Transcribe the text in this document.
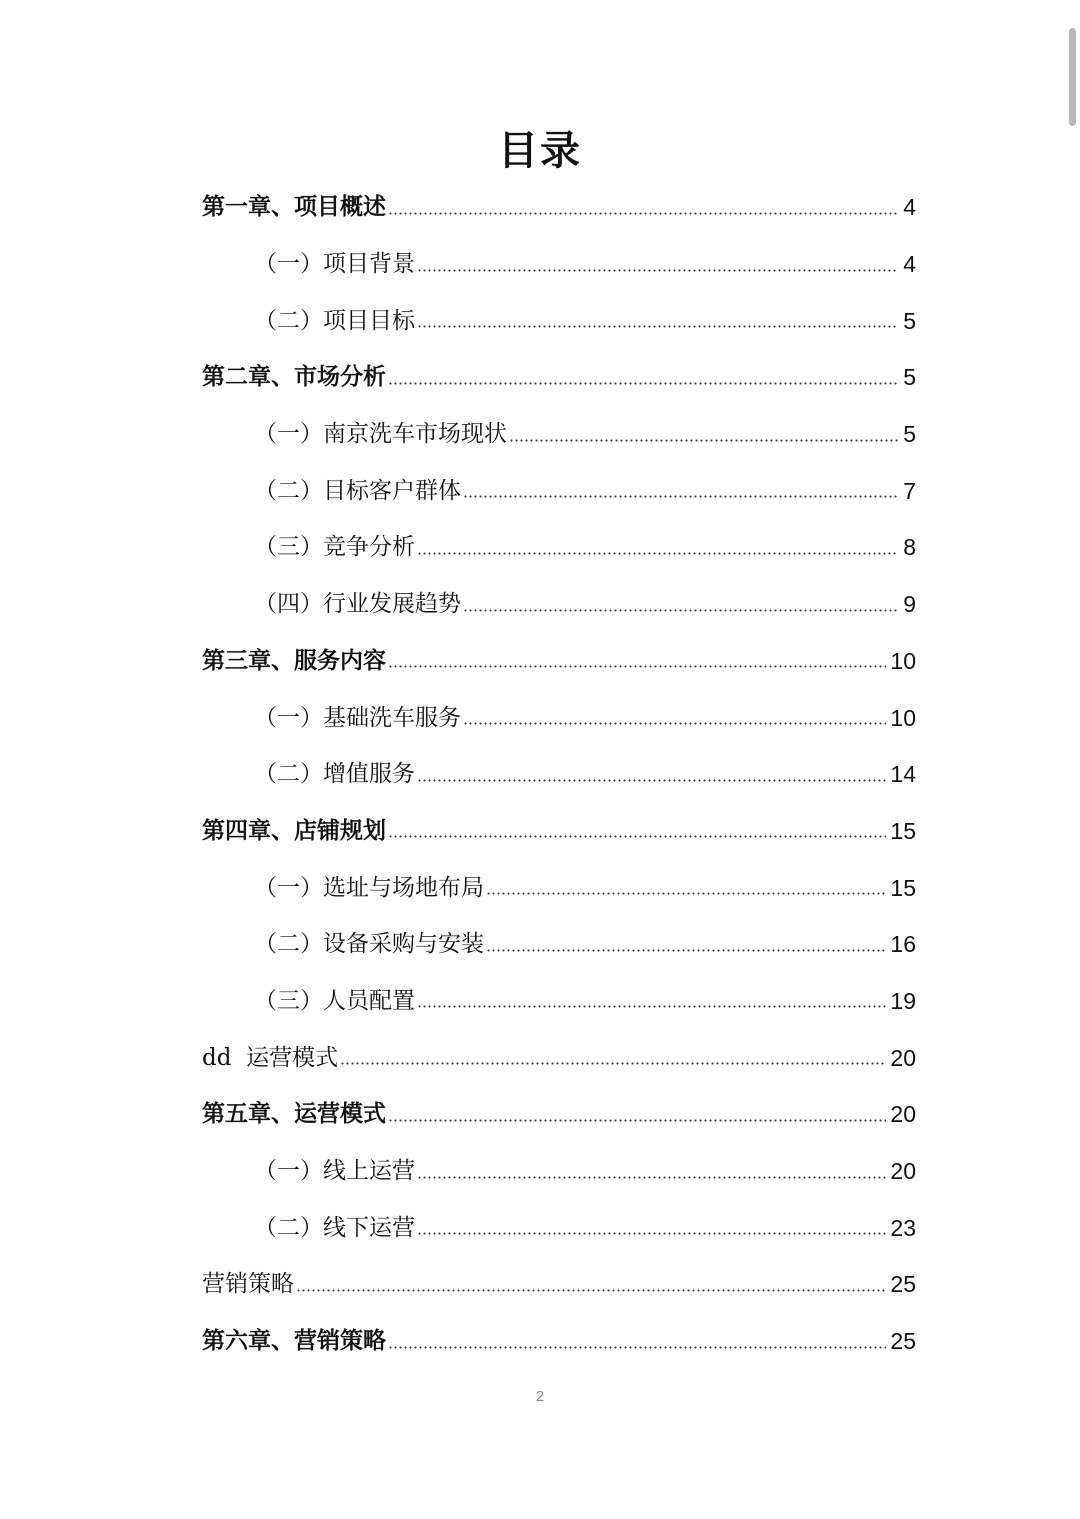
目录
第一章、项目概述	4
（一）项目背景	4
（二）项目目标	5
第二章、市场分析	5
（一）南京洗车市场现状	5
（二）目标客户群体	7
（三）竞争分析	8
（四）行业发展趋势	9
第三章、服务内容	10
（一）基础洗车服务	10
（二）增值服务	14
第四章、店铺规划	15
（一）选址与场地布局	15
（二）设备采购与安装	16
（三）人员配置	19
dd  运营模式	20
第五章、运营模式	20
（一）线上运营	20
（二）线下运营	23
营销策略	25
第六章、营销策略	25
2
